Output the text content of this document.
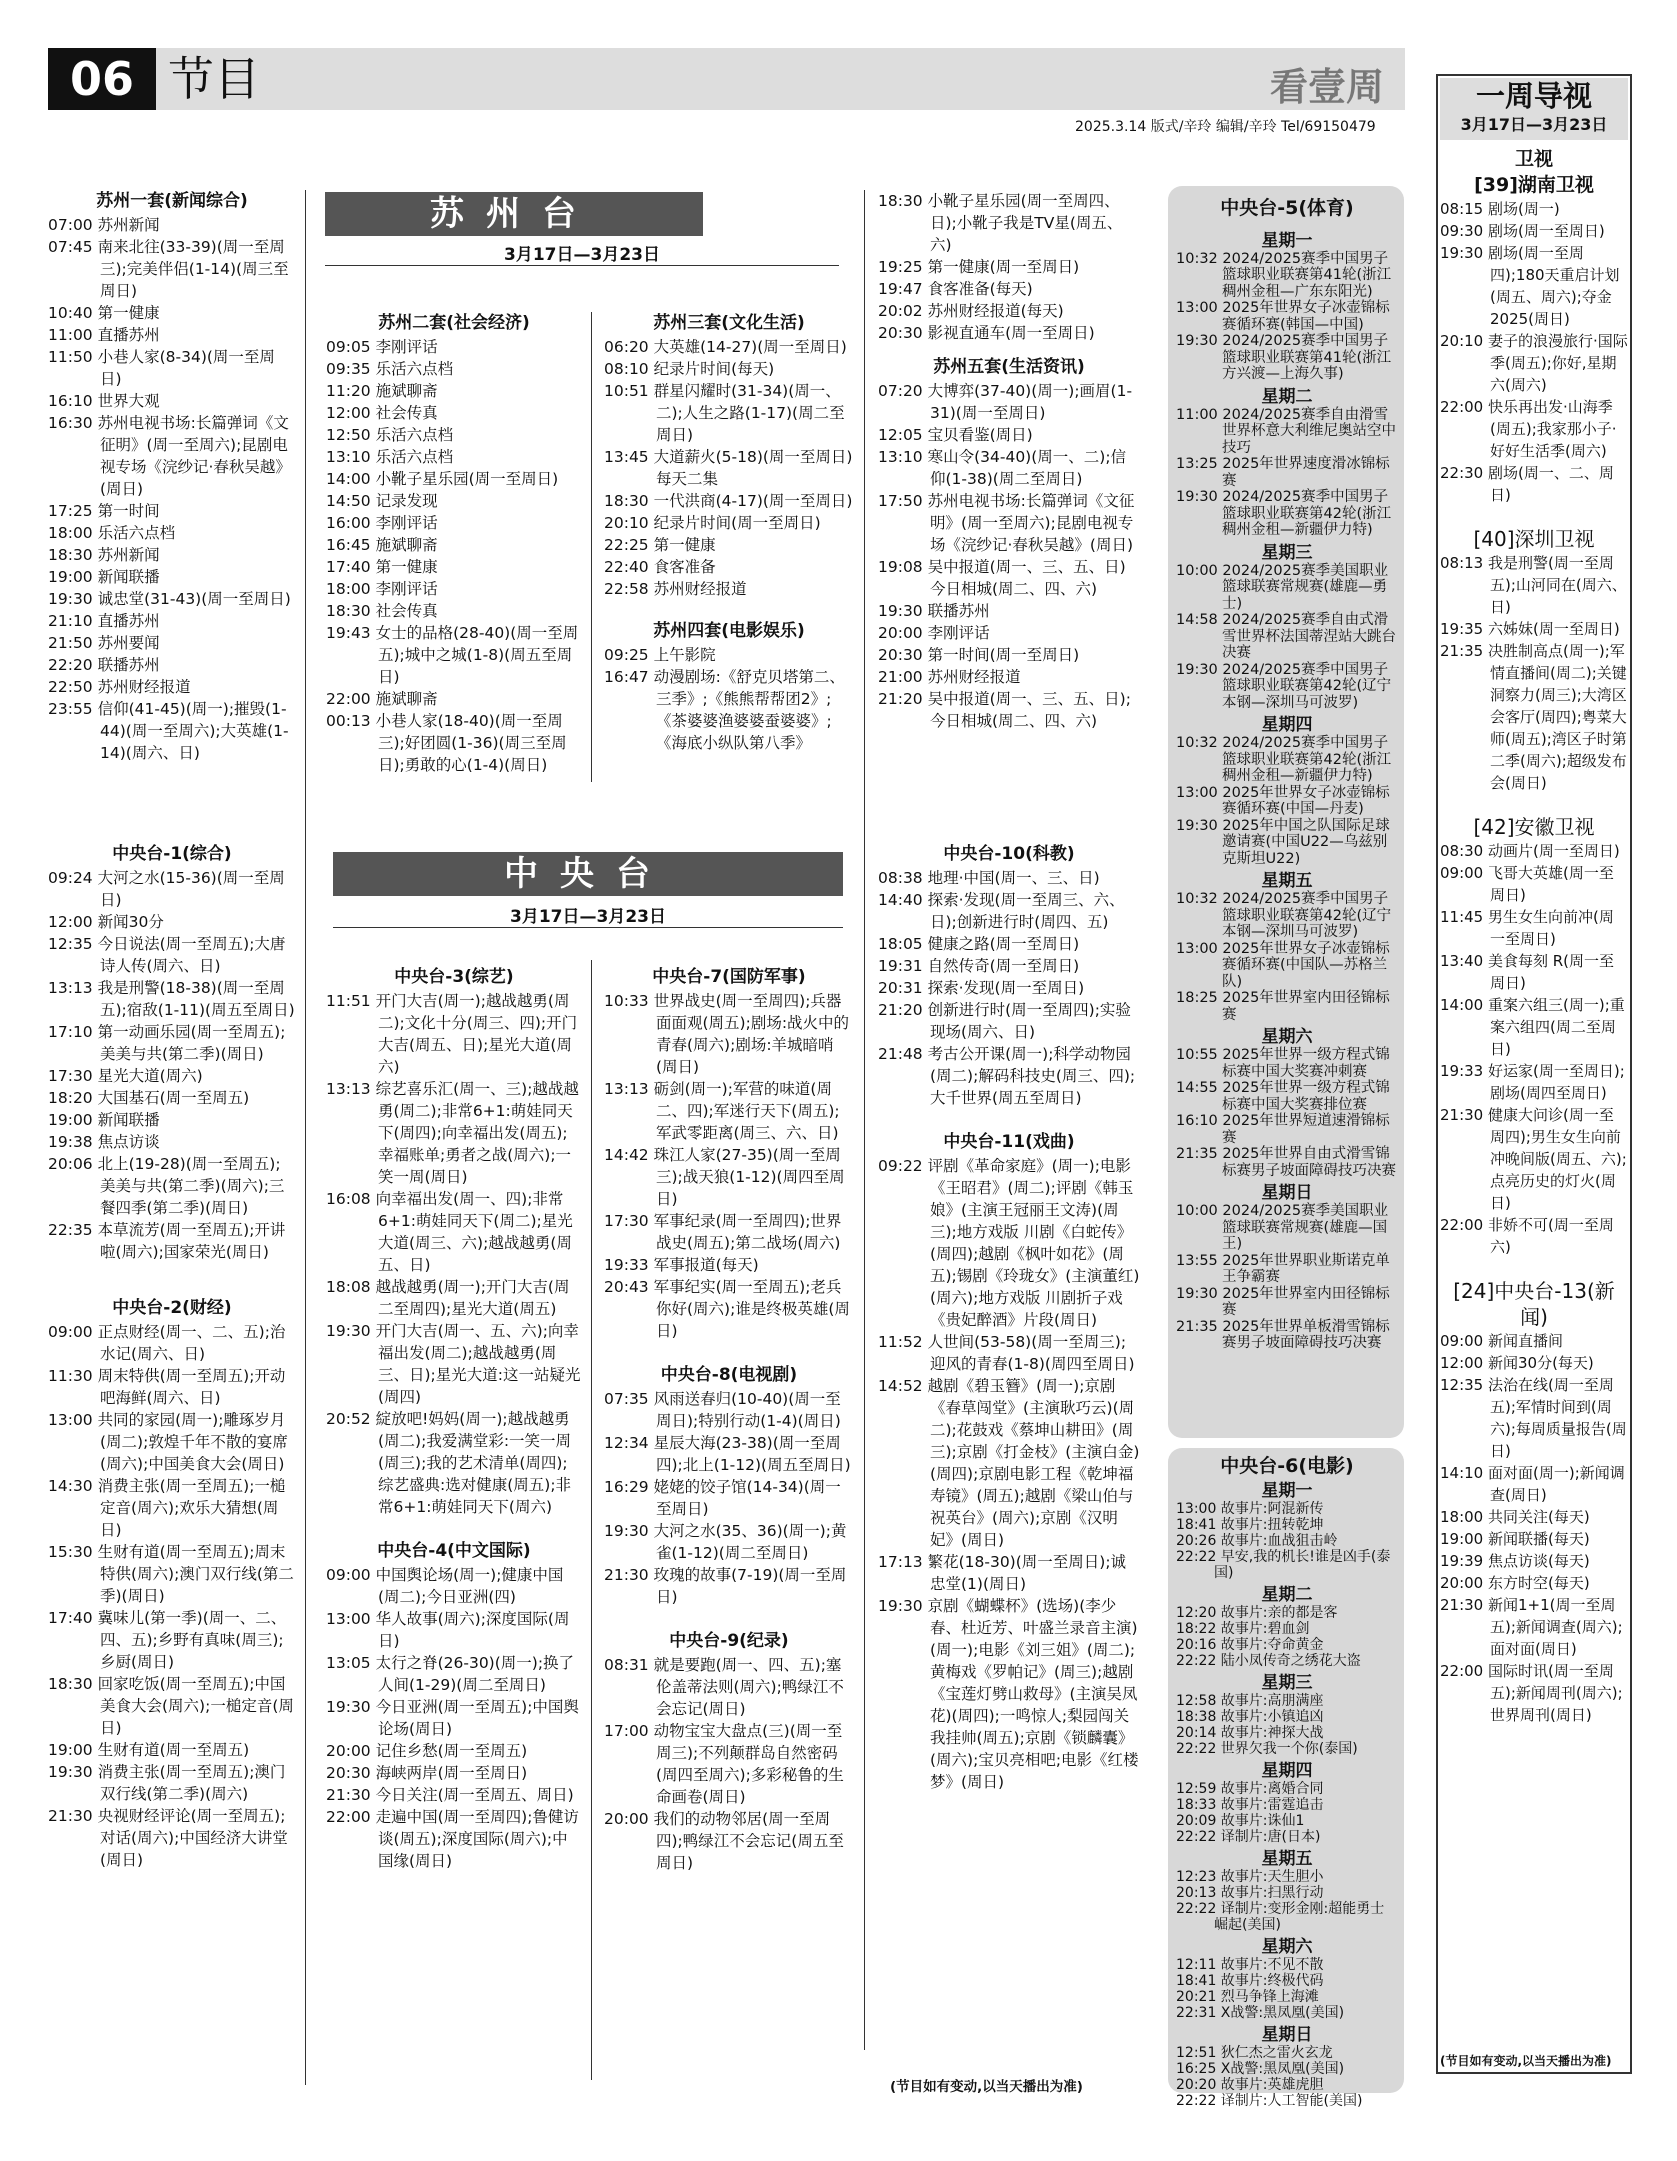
06 节目	看壹周
2025.3.14 版式/辛玲 编辑/辛玲 Tel/69150479
苏州台
3月17日—3月23日
中央台
3月17日—3月23日
苏州一套(新闻综合)

07:00 苏州新闻

07:45 南来北往(33-39)(周一至周三);完美伴侣(1-14)(周三至周日)

10:40 第一健康

11:00 直播苏州

11:50 小巷人家(8-34)(周一至周日)

16:10 世界大观

16:30 苏州电视书场:长篇弹词《文征明》(周一至周六);昆剧电视专场《浣纱记·春秋吴越》(周日)

17:25 第一时间

18:00 乐活六点档

18:30 苏州新闻

19:00 新闻联播

19:30 诚忠堂(31-43)(周一至周日)

21:10 直播苏州

21:50 苏州要闻

22:20 联播苏州

22:50 苏州财经报道

23:55 信仰(41-45)(周一);摧毁(1-44)(周一至周六);大英雄(1-14)(周六、日)

中央台-1(综合)

09:24 大河之水(15-36)(周一至周日)

12:00 新闻30分

12:35 今日说法(周一至周五);大唐诗人传(周六、日)

13:13 我是刑警(18-38)(周一至周五);宿敌(1-11)(周五至周日)

17:10 第一动画乐园(周一至周五);美美与共(第二季)(周日)

17:30 星光大道(周六)

18:20 大国基石(周一至周五)

19:00 新闻联播

19:38 焦点访谈

20:06 北上(19-28)(周一至周五);美美与共(第二季)(周六);三餐四季(第二季)(周日)

22:35 本草流芳(周一至周五);开讲啦(周六);国家荣光(周日)

中央台-2(财经)

09:00 正点财经(周一、二、五);治水记(周六、日)

11:30 周末特供(周一至周五);开动吧海鲜(周六、日)

13:00 共同的家园(周一);雕琢岁月(周二);敦煌千年不散的宴席(周六);中国美食大会(周日)

14:30 消费主张(周一至周五);一槌定音(周六);欢乐大猜想(周日)

15:30 生财有道(周一至周五);周末特供(周六);澳门双行线(第二季)(周日)

17:40 冀味儿(第一季)(周一、二、四、五);乡野有真味(周三);乡厨(周日)

18:30 回家吃饭(周一至周五);中国美食大会(周六);一槌定音(周日)

19:00 生财有道(周一至周五)

19:30 消费主张(周一至周五);澳门双行线(第二季)(周六)

21:30 央视财经评论(周一至周五);对话(周六);中国经济大讲堂(周日)

苏州二套(社会经济)

09:05 李刚评话

09:35 乐活六点档

11:20 施斌聊斋

12:00 社会传真

12:50 乐活六点档

13:10 乐活六点档

14:00 小靴子星乐园(周一至周日)

14:50 记录发现

16:00 李刚评话

16:45 施斌聊斋

17:40 第一健康

18:00 李刚评话

18:30 社会传真

19:43 女士的品格(28-40)(周一至周五);城中之城(1-8)(周五至周日)

22:00 施斌聊斋

00:13 小巷人家(18-40)(周一至周三);好团圆(1-36)(周三至周日);勇敢的心(1-4)(周日)

中央台-3(综艺)

11:51 开门大吉(周一);越战越勇(周二);文化十分(周三、四);开门大吉(周五、日);星光大道(周六)

13:13 综艺喜乐汇(周一、三);越战越勇(周二);非常6+1:萌娃同天下(周四);向幸福出发(周五);幸福账单;勇者之战(周六);一笑一周(周日)

16:08 向幸福出发(周一、四);非常6+1:萌娃同天下(周二);星光大道(周三、六);越战越勇(周五、日)

18:08 越战越勇(周一);开门大吉(周二至周四);星光大道(周五)

19:30 开门大吉(周一、五、六);向幸福出发(周二);越战越勇(周三、日);星光大道:这一站疑光(周四)

20:52 綻放吧!妈妈(周一);越战越勇(周二);我爱满堂彩:一笑一周(周三);我的艺术清单(周四);综艺盛典:选对健康(周五);非常6+1:萌娃同天下(周六)

中央台-4(中文国际)

09:00 中国舆论场(周一);健康中国(周二);今日亚洲(四)

13:00 华人故事(周六);深度国际(周日)

13:05 太行之脊(26-30)(周一);换了人间(1-29)(周二至周日)

19:30 今日亚洲(周一至周五);中国舆论场(周日)

20:00 记住乡愁(周一至周五)

20:30 海峡两岸(周一至周日)

21:30 今日关注(周一至周五、周日)

22:00 走遍中国(周一至周四);鲁健访谈(周五);深度国际(周六);中国缘(周日)

苏州三套(文化生活)

06:20 大英雄(14-27)(周一至周日)

08:10 纪录片时间(每天)

10:51 群星闪耀时(31-34)(周一、二);人生之路(1-17)(周二至周日)

13:45 大道薪火(5-18)(周一至周日)每天二集

18:30 一代洪商(4-17)(周一至周日)

20:10 纪录片时间(周一至周日)

22:25 第一健康

22:40 食客准备

22:58 苏州财经报道

苏州四套(电影娱乐)

09:25 上午影院

16:47 动漫剧场:《舒克贝塔第二、三季》;《熊熊帮帮团2》;《茶婆婆渔婆婆蚕婆婆》;《海底小纵队第八季》

中央台-7(国防军事)

10:33 世界战史(周一至周四);兵器面面观(周五);剧场:战火中的青春(周六);剧场:羊城暗哨(周日)

13:13 砺剑(周一);军营的味道(周二、四);军迷行天下(周五);军武零距离(周三、六、日)

14:42 珠江人家(27-35)(周一至周三);战天狼(1-12)(周四至周日)

17:30 军事纪录(周一至周四);世界战史(周五);第二战场(周六)

19:33 军事报道(每天)

20:43 军事纪实(周一至周五);老兵你好(周六);谁是终极英雄(周日)

中央台-8(电视剧)

07:35 风雨送春归(10-40)(周一至周日);特别行动(1-4)(周日)

12:34 星辰大海(23-38)(周一至周四);北上(1-12)(周五至周日)

16:29 姥姥的饺子馆(14-34)(周一至周日)

19:30 大河之水(35、36)(周一);黄雀(1-12)(周二至周日)

21:30 玫瑰的故事(7-19)(周一至周日)

中央台-9(纪录)

08:31 就是要跑(周一、四、五);塞伦盖蒂法则(周六);鸭绿江不会忘记(周日)

17:00 动物宝宝大盘点(三)(周一至周三);不列颠群岛自然密码(周四至周六);多彩秘鲁的生命画卷(周日)

20:00 我们的动物邻居(周一至周四);鸭绿江不会忘记(周五至周日)

18:30 小靴子星乐园(周一至周四、日);小靴子我是TV星(周五、六)

19:25 第一健康(周一至周日)

19:47 食客准备(每天)

20:02 苏州财经报道(每天)

20:30 影视直通车(周一至周日)

苏州五套(生活资讯)

07:20 大博弈(37-40)(周一);画眉(1-31)(周一至周日)

12:05 宝贝看鉴(周日)

13:10 寒山令(34-40)(周一、二);信仰(1-38)(周二至周日)

17:50 苏州电视书场:长篇弹词《文征明》(周一至周六);昆剧电视专场《浣纱记·春秋吴越》(周日)

19:08 吴中报道(周一、三、五、日)今日相城(周二、四、六)

19:30 联播苏州

20:00 李刚评话

20:30 第一时间(周一至周日)

21:00 苏州财经报道

21:20 吴中报道(周一、三、五、日);今日相城(周二、四、六)

中央台-10(科教)

08:38 地理·中国(周一、三、日)

14:40 探索·发现(周一至周三、六、日);创新进行时(周四、五)

18:05 健康之路(周一至周日)

19:31 自然传奇(周一至周日)

20:31 探索·发现(周一至周日)

21:20 创新进行时(周一至周四);实验现场(周六、日)

21:48 考古公开课(周一);科学动物园(周二);解码科技史(周三、四);大千世界(周五至周日)

中央台-11(戏曲)

09:22 评剧《革命家庭》(周一);电影《王昭君》(周二);评剧《韩玉娘》(主演王冠丽王文涛)(周三);地方戏版 川剧《白蛇传》(周四);越剧《枫叶如花》(周五);锡剧《玲珑女》(主演董红)(周六);地方戏版 川剧折子戏《贵妃醉酒》片段(周日)

11:52 人世间(53-58)(周一至周三);迎风的青春(1-8)(周四至周日)

14:52 越剧《碧玉簪》(周一);京剧《春草闯堂》(主演耿巧云)(周二);花鼓戏《蔡坤山耕田》(周三);京剧《打金枝》(主演白金)(周四);京剧电影工程《乾坤福寿镜》(周五);越剧《梁山伯与祝英台》(周六);京剧《汉明妃》(周日)

17:13 繁花(18-30)(周一至周日);诚忠堂(1)(周日)

19:30 京剧《蝴蝶杯》(选场)(李少春、杜近芳、叶盛兰录音主演)(周一);电影《刘三姐》(周二);黄梅戏《罗帕记》(周三);越剧《宝莲灯劈山救母》(主演吴凤花)(周四);一鸣惊人;梨园闯关我挂帅(周五);京剧《锁麟囊》(周六);宝贝亮相吧;电影《红楼梦》(周日)

(节目如有变动,以当天播出为准)
中央台-5(体育)
星期一

10:32 2024/2025赛季中国男子篮球职业联赛第41轮(浙江稠州金租—广东东阳光)

13:00 2025年世界女子冰壶锦标赛循环赛(韩国—中国)

19:30 2024/2025赛季中国男子篮球职业联赛第41轮(浙江方兴渡—上海久事)

星期二

11:00 2024/2025赛季自由滑雪世界杯意大利维尼奥站空中技巧

13:25 2025年世界速度滑冰锦标赛

19:30 2024/2025赛季中国男子篮球职业联赛第42轮(浙江稠州金租—新疆伊力特)

星期三

10:00 2024/2025赛季美国职业篮球联赛常规赛(雄鹿—勇士)

14:58 2024/2025赛季自由式滑雪世界杯法国蒂涅站大跳台决赛

19:30 2024/2025赛季中国男子篮球职业联赛第42轮(辽宁本钢—深圳马可波罗)

星期四

10:32 2024/2025赛季中国男子篮球职业联赛第42轮(浙江稠州金租—新疆伊力特)

13:00 2025年世界女子冰壶锦标赛循环赛(中国—丹麦)

19:30 2025年中国之队国际足球邀请赛(中国U22—乌兹别克斯坦U22)

星期五

10:32 2024/2025赛季中国男子篮球职业联赛第42轮(辽宁本钢—深圳马可波罗)

13:00 2025年世界女子冰壶锦标赛循环赛(中国队—苏格兰队)

18:25 2025年世界室内田径锦标赛

星期六

10:55 2025年世界一级方程式锦标赛中国大奖赛冲刺赛

14:55 2025年世界一级方程式锦标赛中国大奖赛排位赛

16:10 2025年世界短道速滑锦标赛

21:35 2025年世界自由式滑雪锦标赛男子坡面障碍技巧决赛

星期日

10:00 2024/2025赛季美国职业篮球联赛常规赛(雄鹿—国王)

13:55 2025年世界职业斯诺克单王争霸赛

19:30 2025年世界室内田径锦标赛

21:35 2025年世界单板滑雪锦标赛男子坡面障碍技巧决赛

中央台-6(电影)
星期一

13:00 故事片:阿混新传

18:41 故事片:扭转乾坤

20:26 故事片:血战狙击岭

22:22 早安,我的机长!谁是凶手(泰国)

星期二

12:20 故事片:亲的都是客

18:22 故事片:碧血剑

20:16 故事片:夺命黄金

22:22 陆小凤传奇之绣花大盗

星期三

12:58 故事片:高朋满座

18:38 故事片:小镇追凶

20:14 故事片:神探大战

22:22 世界欠我一个你(泰国)

星期四

12:59 故事片:离婚合同

18:33 故事片:雷霆追击

20:09 故事片:诛仙1

22:22 译制片:唐(日本)

星期五

12:23 故事片:天生胆小

20:13 故事片:扫黑行动

22:22 译制片:变形金刚:超能勇士崛起(美国)

星期六

12:11 故事片:不见不散

18:41 故事片:终极代码

20:21 烈马争锋上海滩

22:31 X战警:黑凤凰(美国)

星期日

12:51 狄仁杰之雷火玄龙

16:25 X战警:黑凤凰(美国)

20:20 故事片:英雄虎胆

22:22 译制片:人工智能(美国)

一周导视
3月17日—3月23日
卫视
[39]湖南卫视

08:15 剧场(周一)

09:30 剧场(周一至周日)

19:30 剧场(周一至周四);180天重启计划(周五、周六);夺金2025(周日)

20:10 妻子的浪漫旅行·国际季(周五);你好,星期六(周六)

22:00 快乐再出发·山海季(周五);我家那小子·好好生活季(周六)

22:30 剧场(周一、二、周日)

[40]深圳卫视

08:13 我是刑警(周一至周五);山河同在(周六、日)

19:35 六姊妹(周一至周日)

21:35 决胜制高点(周一);军情直播间(周二);关键洞察力(周三);大湾区会客厅(周四);粤菜大师(周五);湾区子时第二季(周六);超级发布会(周日)

[42]安徽卫视

08:30 动画片(周一至周日)

09:00 飞哥大英雄(周一至周日)

11:45 男生女生向前冲(周一至周日)

13:40 美食每刻 R(周一至周日)

14:00 重案六组三(周一);重案六组四(周二至周日)

19:33 好运家(周一至周日);剧场(周四至周日)

21:30 健康大问诊(周一至周四);男生女生向前冲晚间版(周五、六);点亮历史的灯火(周日)

22:00 非娇不可(周一至周六)

[24]中央台-13(新闻)

09:00 新闻直播间

12:00 新闻30分(每天)

12:35 法治在线(周一至周五);军情时间到(周六);每周质量报告(周日)

14:10 面对面(周一);新闻调查(周日)

18:00 共同关注(每天)

19:00 新闻联播(每天)

19:39 焦点访谈(每天)

20:00 东方时空(每天)

21:30 新闻1+1(周一至周五);新闻调查(周六);面对面(周日)

22:00 国际时讯(周一至周五);新闻周刊(周六);世界周刊(周日)

(节目如有变动,以当天播出为准)
